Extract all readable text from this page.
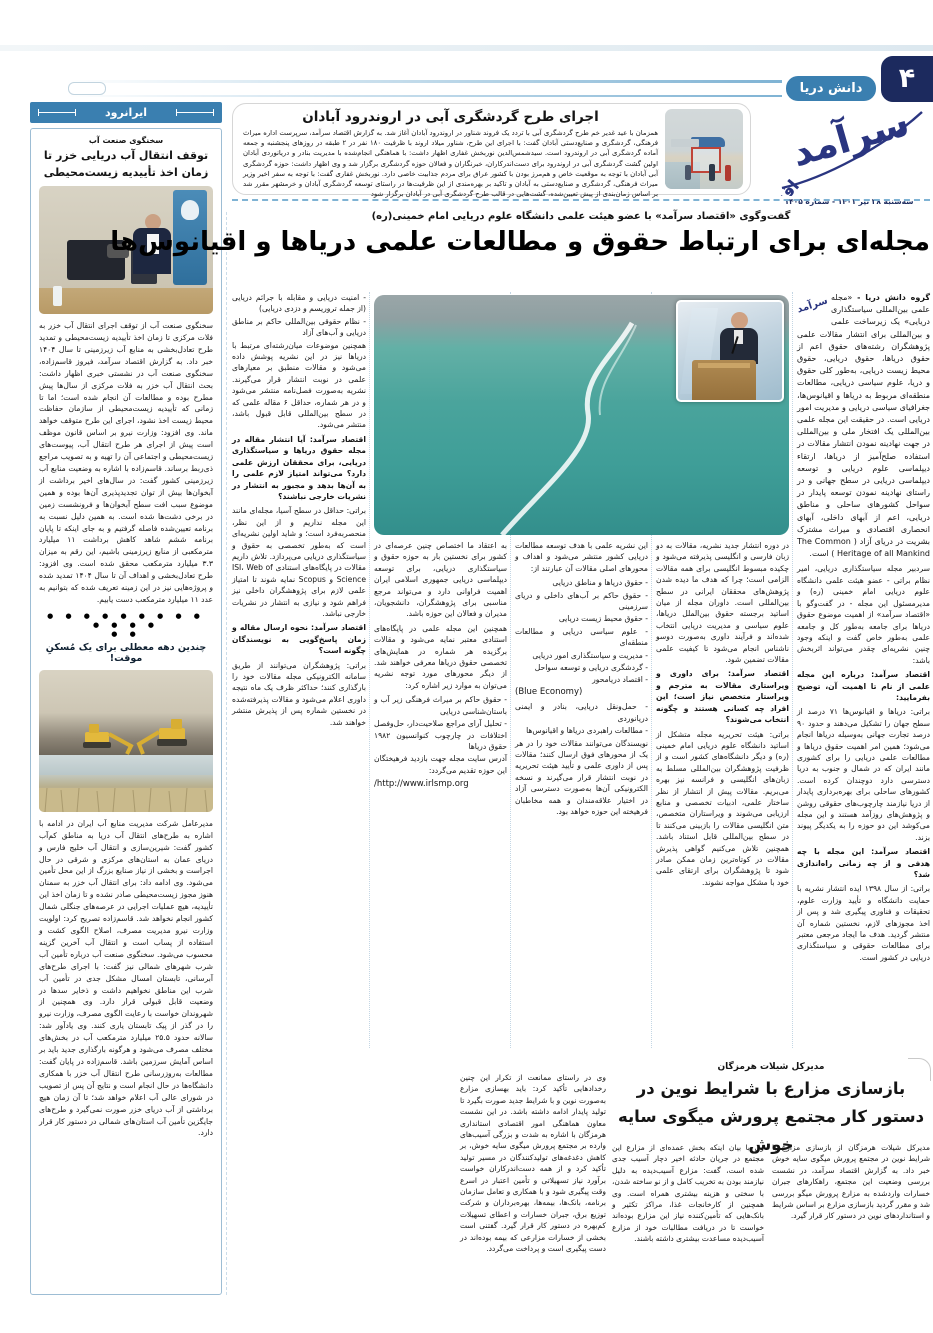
۴
دانش دریا
سرآمد
سه‌شنبه ۲۸ تیر ۱۴۰۱ - شماره ۱۴۰۵
ایرانرود
سخنگوی صنعت آب
توقف انتقال آب دریایی خزر تا زمان اخذ تأییدیه زیست‌محیطی
سخنگوی صنعت آب از توقف اجرای انتقال آب خزر به فلات مرکزی تا زمان اخذ تأییدیه زیست‌محیطی و تمدید طرح تعادل‌بخشی به منابع آب زیرزمینی تا سال ۱۴۰۴ خبر داد. به گزارش اقتصاد سرآمد، فیروز قاسم‌زاده، سخنگوی صنعت آب در نشستی خبری اظهار داشت: بحث انتقال آب خزر به فلات مرکزی از سال‌ها پیش مطرح بوده و مطالعات آن انجام شده است؛ اما تا زمانی که تأییدیه زیست‌محیطی از سازمان حفاظت محیط زیست اخذ نشود، اجرای این طرح متوقف خواهد ماند. وی افزود: وزارت نیرو بر اساس قانون موظف است پیش از اجرای هر طرح انتقال آب، پیوست‌های زیست‌محیطی و اجتماعی آن را تهیه و به تصویب مراجع ذی‌ربط برساند. قاسم‌زاده با اشاره به وضعیت منابع آب زیرزمینی کشور گفت: در سال‌های اخیر برداشت از آبخوان‌ها بیش از توان تجدیدپذیری آن‌ها بوده و همین موضوع سبب افت سطح آبخوان‌ها و فرونشست زمین در برخی دشت‌ها شده است. به همین دلیل نسبت به برنامه تعیین‌شده فاصله گرفتیم و به جای اینکه تا پایان برنامه ششم شاهد کاهش برداشت ۱۱ میلیارد مترمکعبی از منابع زیرزمینی باشیم، این رقم به میزان ۳.۳ میلیارد مترمکعب محقق شده است. وی افزود: طرح تعادل‌بخشی و اهداف آن تا سال ۱۴۰۴ تمدید شده و پروژه‌هایی نیز در این زمینه تعریف شده که بتوانیم به عدد ۱۱ میلیارد مترمکعب دست یابیم.
● ● ● ● ● ● ● ● ● ● ● ● ●
● ●
چندین دهه معطلی برای یک مُسکنِ موقت!
مدیرعامل شرکت مدیریت منابع آب ایران در ادامه با اشاره به طرح‌های انتقال آب دریا به مناطق کم‌آب کشور گفت: شیرین‌سازی و انتقال آب خلیج فارس و دریای عمان به استان‌های مرکزی و شرقی در حال اجراست و بخشی از نیاز صنایع بزرگ از این محل تأمین می‌شود. وی ادامه داد: برای انتقال آب خزر به سمنان هنوز مجوز زیست‌محیطی صادر نشده و تا زمان اخذ این تأییدیه، هیچ عملیات اجرایی در عرصه‌های جنگلی شمال کشور انجام نخواهد شد. قاسم‌زاده تصریح کرد: اولویت وزارت نیرو مدیریت مصرف، اصلاح الگوی کشت و استفاده از پساب است و انتقال آب آخرین گزینه محسوب می‌شود. سخنگوی صنعت آب درباره تأمین آب شرب شهرهای شمالی نیز گفت: با اجرای طرح‌های آبرسانی، تابستان امسال مشکل جدی در تأمین آب شرب این مناطق نخواهیم داشت و ذخایر سدها در وضعیت قابل قبولی قرار دارد. وی همچنین از شهروندان خواست با رعایت الگوی مصرف، وزارت نیرو را در گذر از پیک تابستان یاری کنند. وی یادآور شد: سالانه حدود ۲۵.۵ میلیارد مترمکعب آب در بخش‌های مختلف مصرف می‌شود و هرگونه بارگذاری جدید باید بر اساس آمایش سرزمین باشد. قاسم‌زاده در پایان گفت: مطالعات به‌روزرسانی طرح انتقال آب خزر با همکاری دانشگاه‌ها در حال انجام است و نتایج آن پس از تصویب در شورای عالی آب اعلام خواهد شد؛ تا آن زمان هیچ برداشتی از آب دریای خزر صورت نمی‌گیرد و طرح‌های جایگزین تأمین آب استان‌های شمالی در دستور کار قرار دارد.
اجرای طرح گردشگری آبی در اروندرود آبادان
همزمان با عید غدیر خم طرح گردشگری آبی با تردد یک فروند شناور در اروندرود آبادان آغاز شد. به گزارش اقتصاد سرآمد، سرپرست اداره میراث فرهنگی، گردشگری و صنایع‌دستی آبادان گفت: با اجرای این طرح، شناور میلاد اروند با ظرفیت ۱۸۰ نفر در ۲ طبقه در روزهای پنجشنبه و جمعه آماده گردشگری آبی در اروندرود است. سیدشمس‌الدین نوربخش غفاری اظهار داشت: با هماهنگی انجام‌شده با مدیریت بنادر و دریانوردی آبادان اولین گشت گردشگری آبی در اروندرود برای دست‌اندرکاران، خبرنگاران و فعالان حوزه گردشگری برگزار شد و وی اظهار داشت: حوزه گردشگری آبی آبادان با توجه به موقعیت خاص و هم‌مرز بودن با کشور عراق برای مردم جذابیت خاصی دارد. نوربخش غفاری گفت: با توجه به سفر اخیر وزیر میراث فرهنگی، گردشگری و صنایع‌دستی به آبادان و تاکید بر بهره‌مندی از این ظرفیت‌ها در راستای توسعه گردشگری آبادان و خرمشهر مقرر شد بر اساس زمان‌بندی از پیش تعیین‌شده، گشت‌هایی در قالب طرح گردشگری آبی در آبادان برگزار شود
گفت‌وگوی «اقتصاد سرآمد» با عضو هیئت علمی دانشگاه علوم دریایی امام خمینی(ره)
مجله‌ای برای ارتباط حقوق و مطالعات علمی دریاها و اقیانوس‌ها
سرآمد	گروه دانش دریا - «مجله علمی بین‌المللی سیاستگذاری دریایی» یک زیرساخت علمی و بین‌المللی برای انتشار مقالات علمی پژوهشگران رشته‌های حقوق اعم از حقوق دریاها، حقوق دریایی، حقوق محیط زیست دریایی، به‌طور کلی حقوق و دریا، علوم سیاسی دریایی، مطالعات منطقه‌ای مربوط به دریاها و اقیانوس‌ها، جغرافیای سیاسی دریایی و مدیریت امور دریایی است. در حقیقت این مجله علمی بین‌المللی یک افتخار ملی و بین‌المللی در جهت نهادینه نمودن انتشار مقالات در استفاده صلح‌آمیز از دریاها، ارتقاء دیپلماسی علوم دریایی و توسعه دیپلماسی دریایی در سطح جهانی و در راستای نهادینه نمودن توسعه پایدار در سواحل کشورهای ساحلی و مناطق دریایی، اعم از آبهای داخلی، آبهای انحصاری اقتصادی و میراث مشترک بشریت در دریای آزاد ( The Common Heritage of all Mankind ) است.

سردبیر مجله سیاستگذاری دریایی، امیر نظام براتی - عضو هیئت علمی دانشگاه علوم دریایی امام خمینی (ره) و مدیرمسئول این مجله - در گفت‌وگو با «اقتصاد سرآمد» از اهمیت موضوع حقوق دریاها برای جامعه به‌طور کل و جامعه علمی به‌طور خاص گفت و اینکه وجود چنین نشریه‌ای چقدر می‌تواند اثربخش باشد:

اقتصاد سرآمد: درباره این مجله علمی از نام تا اهمیت آن، توضیح بفرمایید:

براتی: دریاها و اقیانوس‌ها ۷۱ درصد از سطح جهان را تشکیل می‌دهند و حدود ۹۰ درصد تجارت جهانی به‌وسیله دریاها انجام می‌شود؛ همین امر اهمیت حقوق دریاها و مطالعات علمی دریایی را برای کشوری مانند ایران که در شمال و جنوب به دریا دسترسی دارد دوچندان کرده است. کشورهای ساحلی برای بهره‌برداری پایدار از دریا نیازمند چارچوب‌های حقوقی روشن و پژوهش‌های روزآمد هستند و این مجله می‌کوشد این دو حوزه را به یکدیگر پیوند بزند.

اقتصاد سرآمد: این مجله با چه هدفی و از چه زمانی راه‌اندازی شد؟

براتی: از سال ۱۳۹۸ ایده انتشار نشریه با حمایت دانشگاه و تأیید وزارت علوم، تحقیقات و فناوری پیگیری شد و پس از اخذ مجوزهای لازم، نخستین شماره آن منتشر گردید. هدف ما ایجاد مرجعی معتبر برای مطالعات حقوقی و سیاستگذاری دریایی در کشور است.

در دوره انتشار جدید نشریه، مقالات به دو زبان فارسی و انگلیسی پذیرفته می‌شود و چکیده مبسوط انگلیسی برای همه مقالات الزامی است؛ چرا که هدف ما دیده شدن پژوهش‌های محققان ایرانی در سطح بین‌المللی است. داوران مجله از میان اساتید برجسته حقوق بین‌الملل دریاها، علوم سیاسی و مدیریت دریایی انتخاب شده‌اند و فرآیند داوری به‌صورت دوسو ناشناس انجام می‌شود تا کیفیت علمی مقالات تضمین شود.

اقتصاد سرآمد: برای داوری و ویراستاری مقالات به مترجم و ویراستار متخصص نیاز است؛ این افراد چه کسانی هستند و چگونه انتخاب می‌شوند؟

براتی: هیئت تحریریه مجله متشکل از اساتید دانشگاه علوم دریایی امام خمینی (ره) و دیگر دانشگاه‌های کشور است و از ظرفیت پژوهشگران بین‌المللی مسلط به زبان‌های انگلیسی و فرانسه نیز بهره می‌بریم. مقالات پیش از انتشار از نظر ساختار علمی، ادبیات تخصصی و منابع ارزیابی می‌شوند و ویراستاران متخصص، متن انگلیسی مقالات را بازبینی می‌کنند تا در سطح بین‌المللی قابل استناد باشد. همچنین تلاش می‌کنیم گواهی پذیرش مقالات در کوتاه‌ترین زمان ممکن صادر شود تا پژوهشگران برای ارتقای علمی خود با مشکل مواجه نشوند.

این نشریه علمی با هدف توسعه مطالعات دریایی کشور منتشر می‌شود و اهداف و محورهای اصلی مقالات آن عبارتند از:

- حقوق دریاها و مناطق دریایی

- حقوق حاکم بر آب‌های داخلی و دریای سرزمینی

- حقوق محیط زیست دریایی

- علوم سیاسی دریایی و مطالعات منطقه‌ای

- مدیریت و سیاستگذاری امور دریایی

- گردشگری دریایی و توسعه سواحل

- اقتصاد دریامحور

(Blue Economy)

- حمل‌ونقل دریایی، بنادر و ایمنی دریانوردی

- مطالعات راهبردی دریاها و اقیانوس‌ها

نویسندگان می‌توانند مقالات خود را در هر یک از محورهای فوق ارسال کنند؛ مقالات پس از داوری علمی و تأیید هیئت تحریریه در نوبت انتشار قرار می‌گیرند و نسخه الکترونیکی آن‌ها به‌صورت دسترسی آزاد در اختیار علاقه‌مندان و همه مخاطبان فرهیخته این حوزه خواهد بود.

به اعتقاد ما اختصاص چنین عرصه‌ای در کشور برای نخستین بار به حوزه حقوق و سیاستگذاری دریایی، برای توسعه دیپلماسی دریایی جمهوری اسلامی ایران اهمیت فراوانی دارد و می‌تواند مرجع مناسبی برای پژوهشگران، دانشجویان، مدیران و فعالان این حوزه باشد.

همچنین این مجله علمی در پایگاه‌های استنادی معتبر نمایه می‌شود و مقالات برگزیده هر شماره در همایش‌های تخصصی حقوق دریاها معرفی خواهند شد. از دیگر محورهای مورد توجه نشریه می‌توان به موارد زیر اشاره کرد:

- حقوق حاکم بر میراث فرهنگی زیر آب و باستان‌شناسی دریایی

- تحلیل آرای مراجع صلاحیت‌دار، حل‌وفصل اختلافات در چارچوب کنوانسیون ۱۹۸۲ حقوق دریاها

آدرس سایت مجله جهت بازدید فرهیختگان این حوزه تقدیم می‌گردد:

/http://www.irlsmp.org

- امنیت دریایی و مقابله با جرائم دریایی (از جمله تروریسم و دزدی دریایی)

- نظام حقوقی بین‌المللی حاکم بر مناطق دریایی و آب‌های آزاد

همچنین موضوعات میان‌رشته‌ای مرتبط با دریاها نیز در این نشریه پوشش داده می‌شود و مقالات منطبق بر معیارهای علمی در نوبت انتشار قرار می‌گیرند. نشریه به‌صورت فصل‌نامه منتشر می‌شود و در هر شماره، حداقل ۶ مقاله علمی که در سطح بین‌المللی قابل قبول باشد، منتشر می‌شود.

اقتصاد سرآمد: آیا انتشار مقاله در مجله حقوق دریاها و سیاستگذاری دریایی، برای محققان ارزش علمی دارد؟ می‌تواند امتیاز لازم علمی را به آن‌ها بدهد و مجبور به انتشار در نشریات خارجی نباشند؟

براتی: حداقل در سطح آسیا، مجله‌ای مانند این مجله نداریم و از این نظر، منحصربه‌فرد است؛ و شاید اولین نشریه‌ای است که به‌طور تخصصی به حقوق و سیاستگذاری دریایی می‌پردازد. تلاش داریم مقالات در پایگاه‌های استنادی ISI، Web of Science و Scopus نمایه شوند تا امتیاز علمی لازم برای پژوهشگران داخلی نیز فراهم شود و نیازی به انتشار در نشریات خارجی نباشد.

اقتصاد سرآمد: نحوه ارسال مقاله و زمان پاسخ‌گویی به نویسندگان چگونه است؟

براتی: پژوهشگران می‌توانند از طریق سامانه الکترونیکی مجله مقالات خود را بارگذاری کنند؛ حداکثر ظرف یک ماه نتیجه داوری اعلام می‌شود و مقالات پذیرفته‌شده در نخستین شماره پس از پذیرش منتشر خواهند شد.

مدیرکل شیلات هرمزگان
بازسازی مزارع با شرایط نوین در دستور کار مجتمع پرورش میگوی سایه خوش
مدیرکل شیلات هرمزگان از بازسازی مزارع با شرایط نوین در مجتمع پرورش میگوی سایه خوش خبر داد. به گزارش اقتصاد سرآمد، در نشست بررسی وضعیت این مجتمع، راهکارهای جبران خسارات واردشده به مزارع پرورش میگو بررسی شد و مقرر گردید بازسازی مزارع بر اساس شرایط و استانداردهای نوین در دستور کار قرار گیرد.
وی با بیان اینکه بخش عمده‌ای از مزارع این مجتمع در جریان حادثه اخیر دچار آسیب جدی شده است، گفت: مزارع آسیب‌دیده به دلیل نیازمند بودن به تخریب کامل و از نو ساخته شدن، با سختی و هزینه بیشتری همراه است. وی همچنین از کارخانجات غذا، مراکز تکثیر و بانک‌هایی که تأمین‌کننده نیاز این مزارع بوده‌اند خواست تا در دریافت مطالبات خود از مزارع آسیب‌دیده مساعدت بیشتری داشته باشند.
وی در راستای ممانعت از تکرار این چنین رخدادهایی تأکید کرد: باید بهسازی مزارع به‌صورت نوین و با شرایط جدید صورت بگیرد تا تولید پایدار ادامه داشته باشد. در این نشست معاون هماهنگی امور اقتصادی استانداری هرمزگان با اشاره به شدت و بزرگی آسیب‌های وارده بر مجتمع پرورش میگوی سایه خوش، بر کاهش دغدغه‌های تولیدکنندگان در مسیر تولید تأکید کرد و از همه دست‌اندرکاران خواست برآورد نیاز تسهیلاتی و تأمین اعتبار در اسرع وقت پیگیری شود و با همکاری و تعامل سازمان برنامه، بانک‌ها، بیمه‌ها، بهره‌برداران و شرکت توزیع برق، جبران خسارات و اعطای تسهیلات کم‌بهره در دستور کار قرار گیرد. گفتنی است بخشی از خسارات مزارعی که بیمه بوده‌اند در دست پیگیری است و پرداخت می‌گردد.
